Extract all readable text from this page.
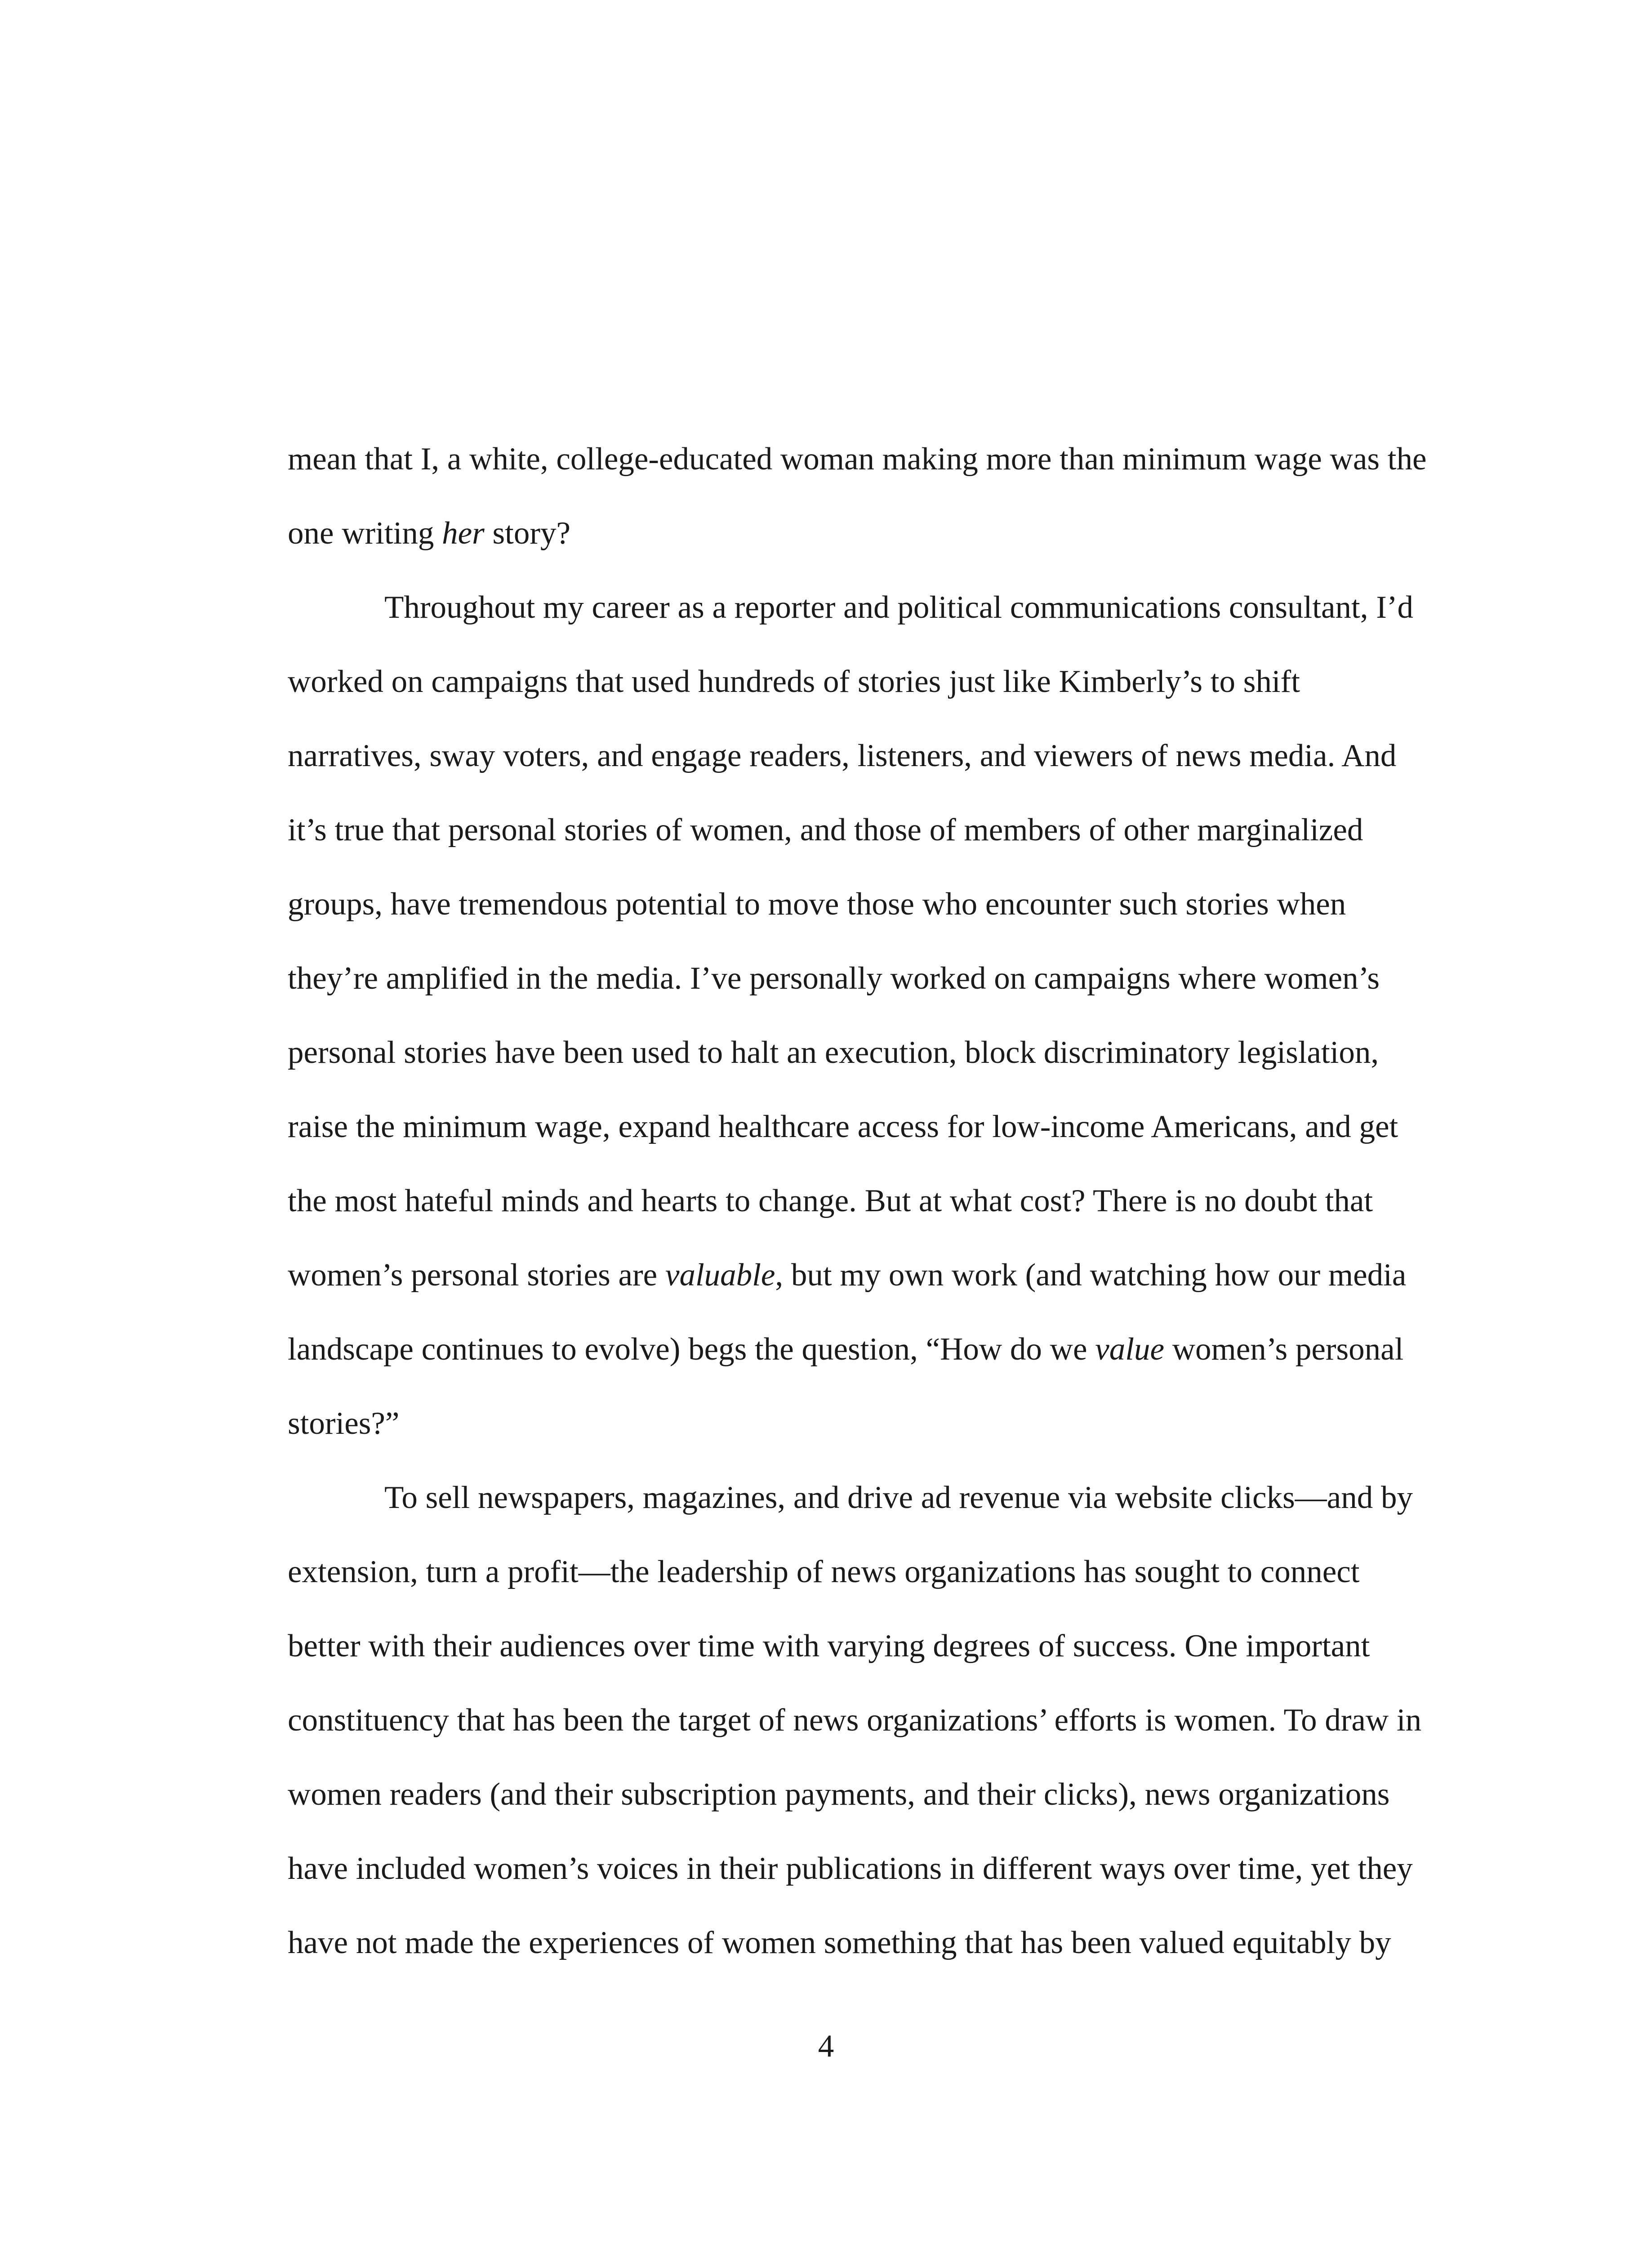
mean that I, a white, college-educated woman making more than minimum wage was the
one writing her story?
Throughout my career as a reporter and political communications consultant, I’d
worked on campaigns that used hundreds of stories just like Kimberly’s to shift
narratives, sway voters, and engage readers, listeners, and viewers of news media. And
it’s true that personal stories of women, and those of members of other marginalized
groups, have tremendous potential to move those who encounter such stories when
they’re amplified in the media. I’ve personally worked on campaigns where women’s
personal stories have been used to halt an execution, block discriminatory legislation,
raise the minimum wage, expand healthcare access for low-income Americans, and get
the most hateful minds and hearts to change. But at what cost? There is no doubt that
women’s personal stories are valuable, but my own work (and watching how our media
landscape continues to evolve) begs the question, “How do we value women’s personal
stories?”
To sell newspapers, magazines, and drive ad revenue via website clicks—and by
extension, turn a profit—the leadership of news organizations has sought to connect
better with their audiences over time with varying degrees of success. One important
constituency that has been the target of news organizations’ efforts is women. To draw in
women readers (and their subscription payments, and their clicks), news organizations
have included women’s voices in their publications in different ways over time, yet they
have not made the experiences of women something that has been valued equitably by
4
